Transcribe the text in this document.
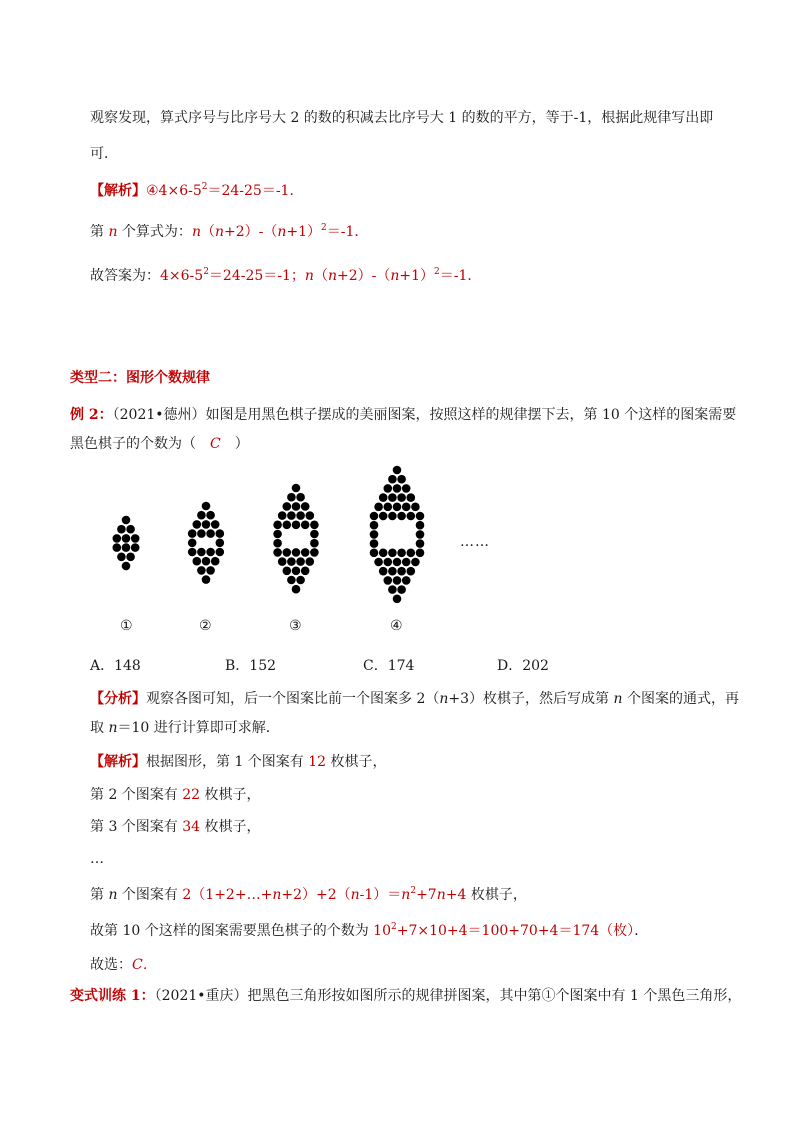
观察发现，算式序号与比序号大 2 的数的积减去比序号大 1 的数的平方，等于-1，根据此规律写出即
可．
【解析】$④4\times 6-5^2=24-25=-1$．
第 n 个算式为：$n(n+2)-(n+1)^2=-1$．
故答案为：$4\times 6-5^2=24-25=-1$；$n(n+2)-(n+1)^2=-1$．
类型二：图形个数规律
例 2：（2021•德州）如图是用黑色棋子摆成的美丽图案，按照这样的规律摆下去，第 10 个这样的图案需要
黑色棋子的个数为（ C ）
……
①	②	③	④
A．148	B．152	C．174	D．202
【分析】观察各图可知，后一个图案比前一个图案多 2（n+3）枚棋子，然后写成第 n 个图案的通式，再
取 n＝10 进行计算即可求解．
【解析】根据图形，第 1 个图案有 12 枚棋子，
第 2 个图案有 22 枚棋子，
第 3 个图案有 34 枚棋子，
…
第 n 个图案有 $2(1+2+\dots+n+2)+2(n-1)=n^2+7n+4$ 枚棋子，
故第 10 个这样的图案需要黑色棋子的个数为 $10^2+7\times 10+4=100+70+4=174$（枚）．
故选：C．
变式训练 1：（2021•重庆）把黑色三角形按如图所示的规律拼图案，其中第①个图案中有 1 个黑色三角形，
